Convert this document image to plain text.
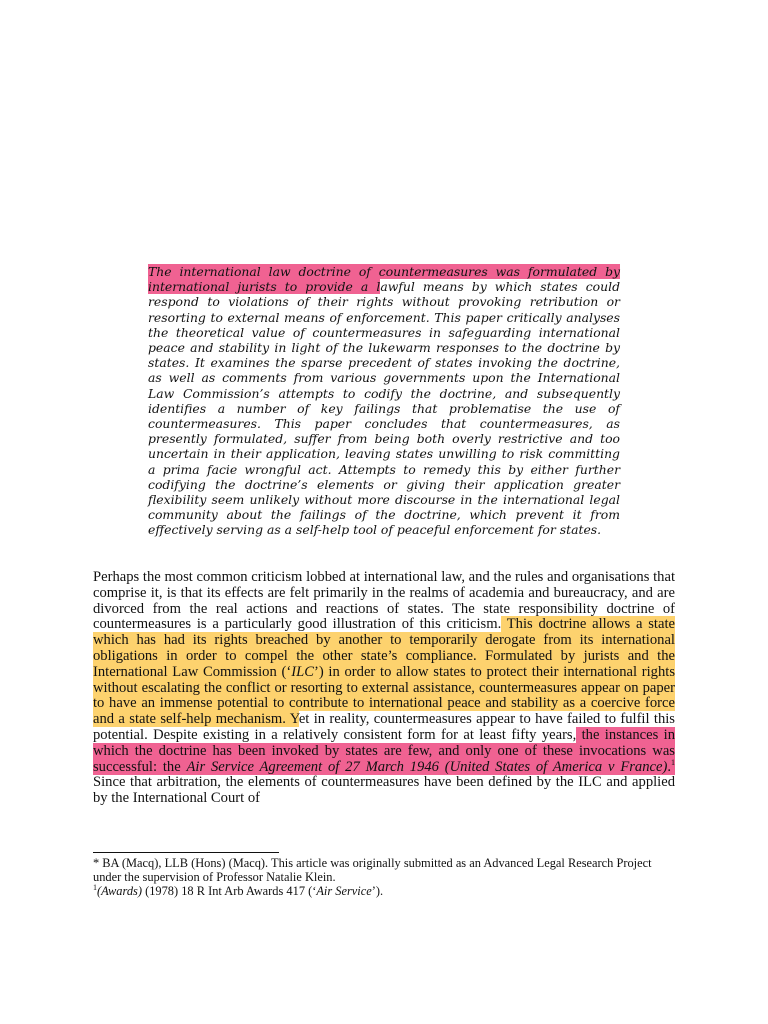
The international law doctrine of countermeasures was formulated by international jurists to provide a lawful means by which states could respond to violations of their rights without provoking retribution or resorting to external means of enforcement. This paper critically analyses the theoretical value of countermeasures in safeguarding international peace and stability in light of the lukewarm responses to the doctrine by states. It examines the sparse precedent of states invoking the doctrine, as well as comments from various governments upon the International Law Commission’s attempts to codify the doctrine, and subsequently identifies a number of key failings that problematise the use of countermeasures. This paper concludes that countermeasures, as presently formulated, suffer from being both overly restrictive and too uncertain in their application, leaving states unwilling to risk committing a prima facie wrongful act. Attempts to remedy this by either further codifying the doctrine’s elements or giving their application greater flexibility seem unlikely without more discourse in the international legal community about the failings of the doctrine, which prevent it from effectively serving as a self-help tool of peaceful enforcement for states.
Perhaps the most common criticism lobbed at international law, and the rules and organisations that comprise it, is that its effects are felt primarily in the realms of academia and bureaucracy, and are divorced from the real actions and reactions of states. The state responsibility doctrine of countermeasures is a particularly good illustration of this criticism. This doctrine allows a state which has had its rights breached by another to temporarily derogate from its international obligations in order to compel the other state’s compliance. Formulated by jurists and the International Law Commission (‘ILC’) in order to allow states to protect their international rights without escalating the conflict or resorting to external assistance, countermeasures appear on paper to have an immense potential to contribute to international peace and stability as a coercive force and a state self-help mechanism. Yet in reality, countermeasures appear to have failed to fulfil this potential. Despite existing in a relatively consistent form for at least fifty years, the instances in which the doctrine has been invoked by states are few, and only one of these invocations was successful: the Air Service Agreement of 27 March 1946 (United States of America v France).$^1$ Since that arbitration, the elements of countermeasures have been defined by the ILC and applied by the International Court of

* BA (Macq), LLB (Hons) (Macq). This article was originally submitted as an Advanced Legal Research Project under the supervision of Professor Natalie Klein.

$^1$(Awards) (1978) 18 R Int Arb Awards 417 (‘Air Service’).
